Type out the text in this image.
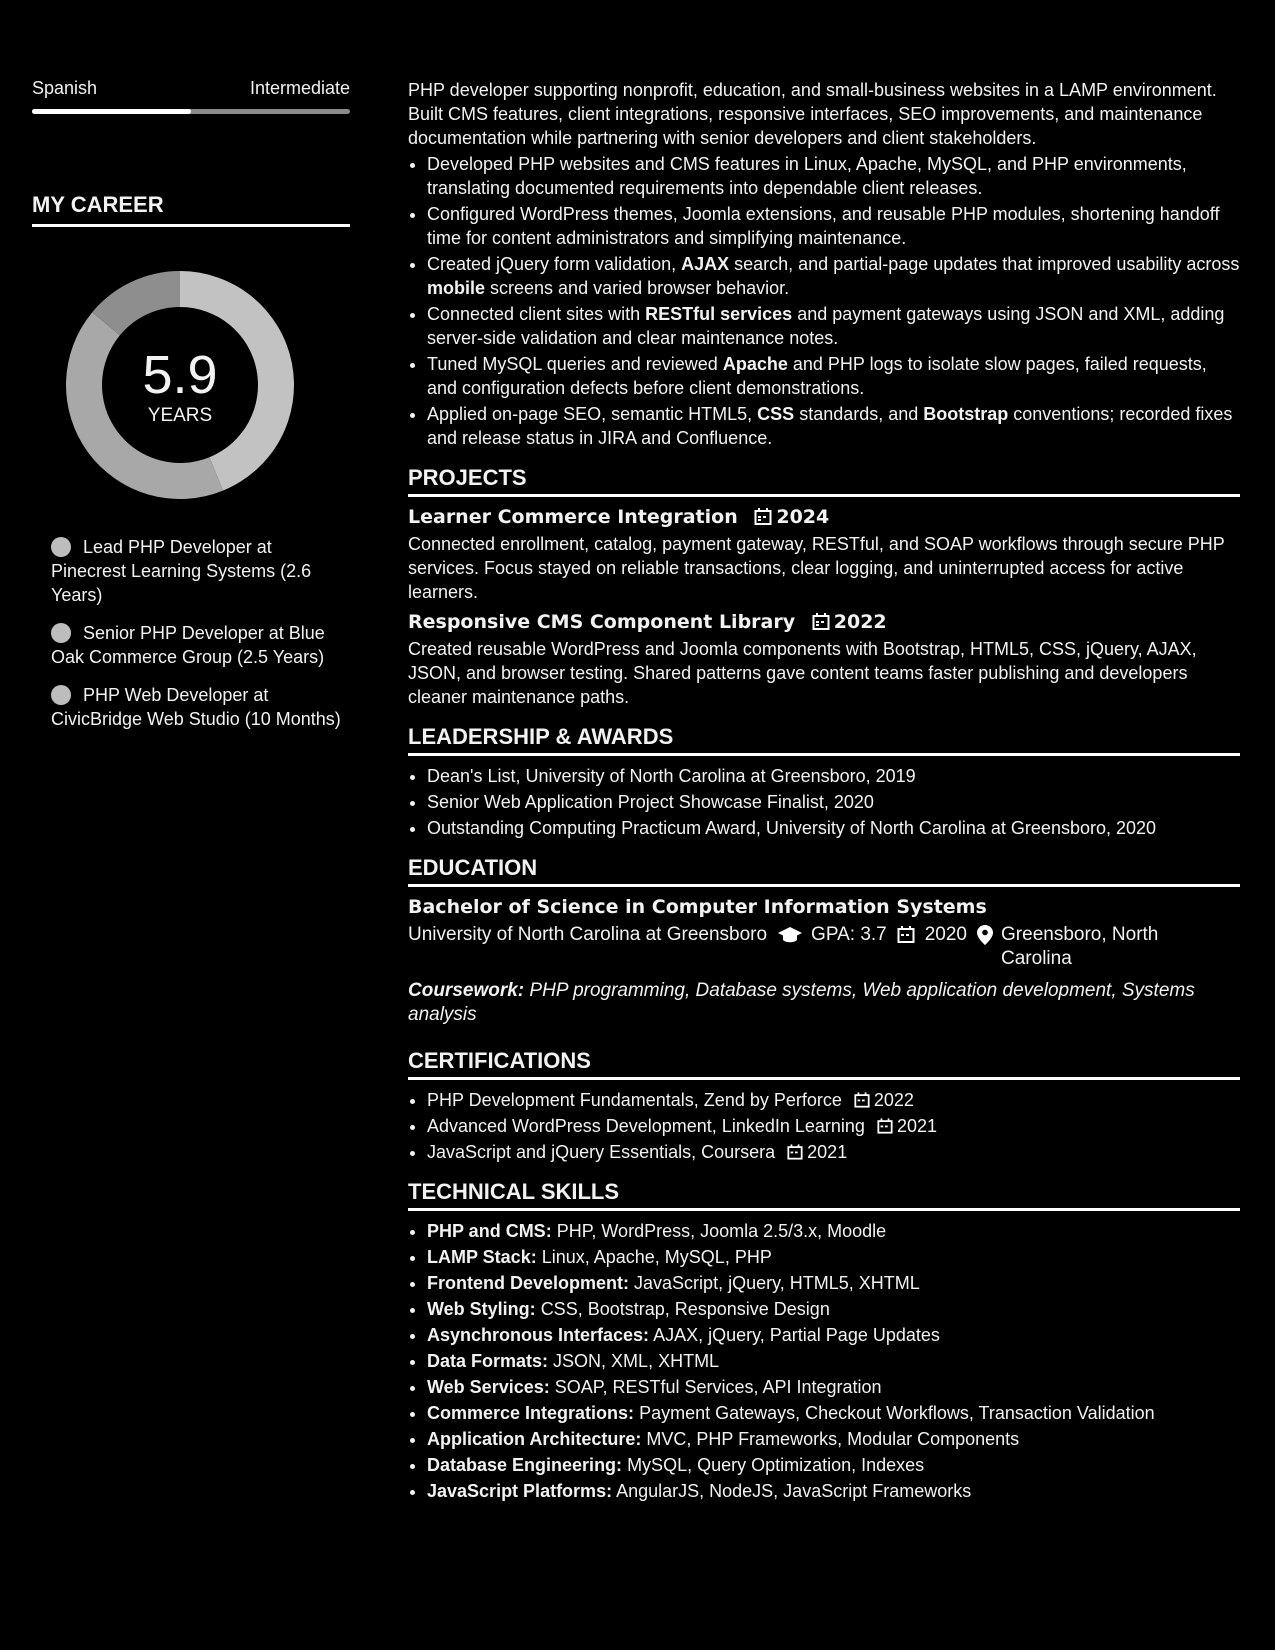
Spanish	Intermediate
MY CAREER
5.9
YEARS
Lead PHP Developer at Pinecrest Learning Systems (2.6 Years)
Senior PHP Developer at Blue Oak Commerce Group (2.5 Years)
PHP Web Developer at CivicBridge Web Studio (10 Months)

PHP developer supporting nonprofit, education, and small-business websites in a LAMP environment. Built CMS features, client integrations, responsive interfaces, SEO improvements, and maintenance documentation while partnering with senior developers and client stakeholders.

• Developed PHP websites and CMS features in Linux, Apache, MySQL, and PHP environments, translating documented requirements into dependable client releases.
• Configured WordPress themes, Joomla extensions, and reusable PHP modules, shortening handoff time for content administrators and simplifying maintenance.
• Created jQuery form validation, AJAX search, and partial-page updates that improved usability across mobile screens and varied browser behavior.
• Connected client sites with RESTful services and payment gateways using JSON and XML, adding server-side validation and clear maintenance notes.
• Tuned MySQL queries and reviewed Apache and PHP logs to isolate slow pages, failed requests, and configuration defects before client demonstrations.
• Applied on-page SEO, semantic HTML5, CSS standards, and Bootstrap conventions; recorded fixes and release status in JIRA and Confluence.
PROJECTS
Learner Commerce Integration 2024
Connected enrollment, catalog, payment gateway, RESTful, and SOAP workflows through secure PHP services. Focus stayed on reliable transactions, clear logging, and uninterrupted access for active learners.
Responsive CMS Component Library 2022
Created reusable WordPress and Joomla components with Bootstrap, HTML5, CSS, jQuery, AJAX, JSON, and browser testing. Shared patterns gave content teams faster publishing and developers cleaner maintenance paths.
LEADERSHIP & AWARDS
• Dean's List, University of North Carolina at Greensboro, 2019
• Senior Web Application Project Showcase Finalist, 2020
• Outstanding Computing Practicum Award, University of North Carolina at Greensboro, 2020
EDUCATION
Bachelor of Science in Computer Information Systems
University of North Carolina at Greensboro GPA: 3.7 2020 Greensboro, North Carolina
Coursework: PHP programming, Database systems, Web application development, Systems analysis
CERTIFICATIONS
• PHP Development Fundamentals, Zend by Perforce 2022
• Advanced WordPress Development, LinkedIn Learning 2021
• JavaScript and jQuery Essentials, Coursera 2021
TECHNICAL SKILLS
• PHP and CMS: PHP, WordPress, Joomla 2.5/3.x, Moodle
• LAMP Stack: Linux, Apache, MySQL, PHP
• Frontend Development: JavaScript, jQuery, HTML5, XHTML
• Web Styling: CSS, Bootstrap, Responsive Design
• Asynchronous Interfaces: AJAX, jQuery, Partial Page Updates
• Data Formats: JSON, XML, XHTML
• Web Services: SOAP, RESTful Services, API Integration
• Commerce Integrations: Payment Gateways, Checkout Workflows, Transaction Validation
• Application Architecture: MVC, PHP Frameworks, Modular Components
• Database Engineering: MySQL, Query Optimization, Indexes
• JavaScript Platforms: AngularJS, NodeJS, JavaScript Frameworks
